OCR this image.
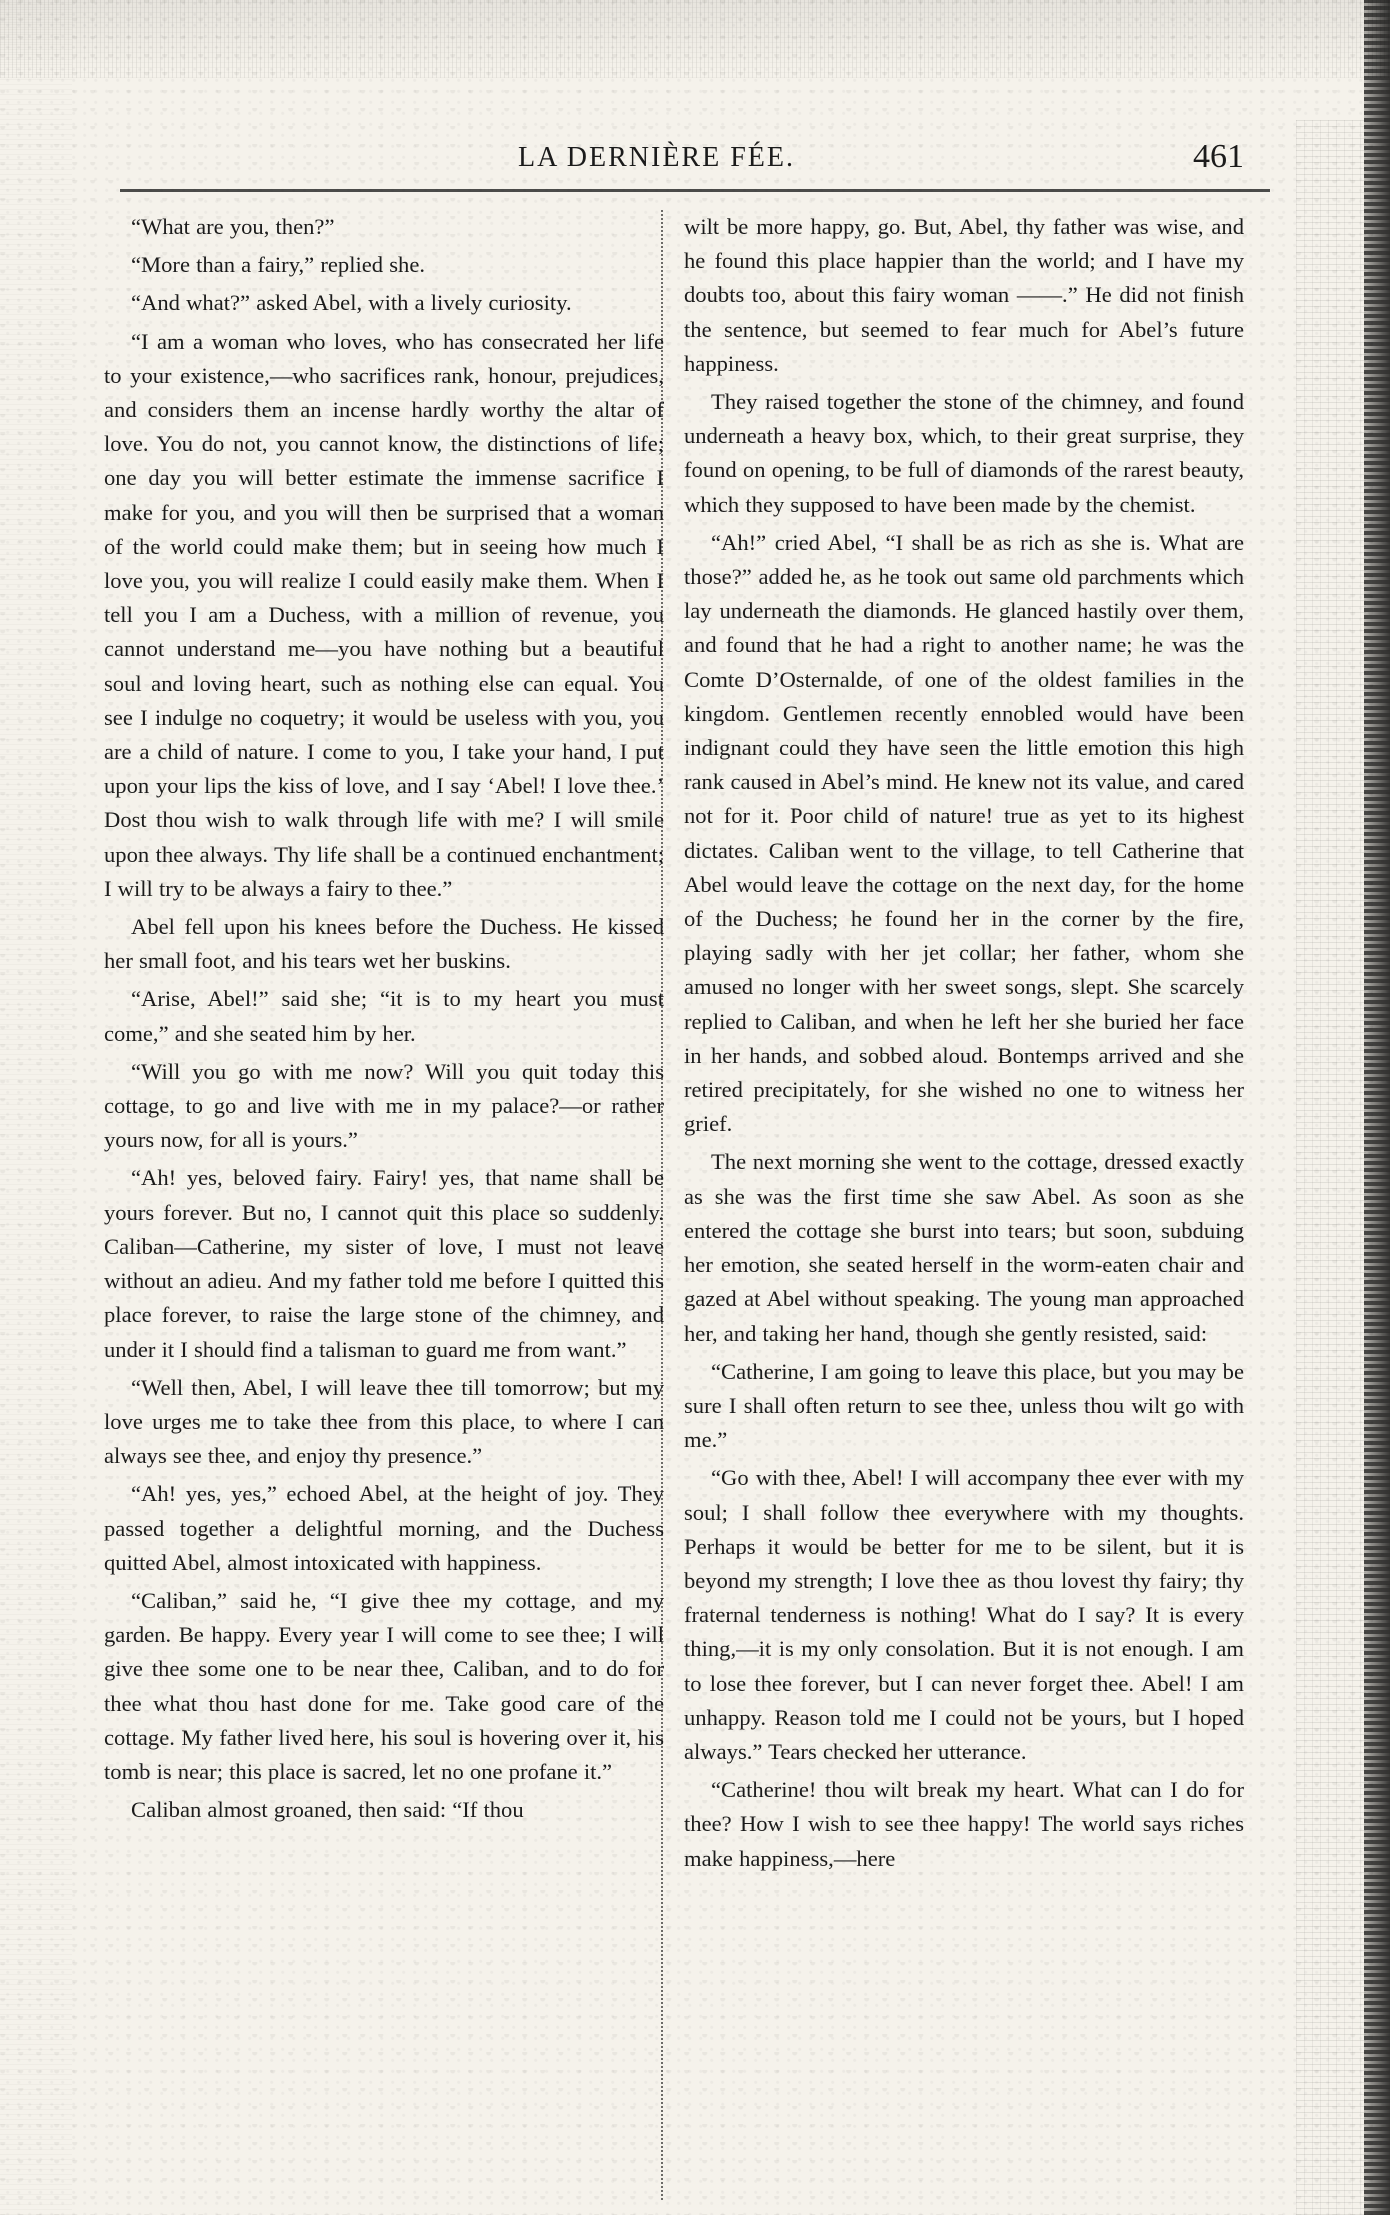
LA DERNIÈRE FÉE.	461

“What are you, then?”

“More than a fairy,” replied she.

“And what?” asked Abel, with a lively curiosity.

“I am a woman who loves, who has consecrated her life to your existence,—who sacrifices rank, honour, prejudices, and considers them an incense hardly worthy the altar of love. You do not, you cannot know, the distinctions of life; one day you will better estimate the immense sacrifice I make for you, and you will then be surprised that a woman of the world could make them; but in seeing how much I love you, you will realize I could easily make them. When I tell you I am a Duchess, with a million of revenue, you cannot understand me—you have nothing but a beautiful soul and loving heart, such as nothing else can equal. You see I indulge no coquetry; it would be useless with you, you are a child of nature. I come to you, I take your hand, I put upon your lips the kiss of love, and I say ‘Abel! I love thee.’ Dost thou wish to walk through life with me? I will smile upon thee always. Thy life shall be a continued enchantment; I will try to be always a fairy to thee.”

Abel fell upon his knees before the Duchess. He kissed her small foot, and his tears wet her buskins.

“Arise, Abel!” said she; “it is to my heart you must come,” and she seated him by her.

“Will you go with me now? Will you quit today this cottage, to go and live with me in my palace?—or rather yours now, for all is yours.”

“Ah! yes, beloved fairy. Fairy! yes, that name shall be yours forever. But no, I cannot quit this place so suddenly. Caliban—Catherine, my sister of love, I must not leave without an adieu. And my father told me before I quitted this place forever, to raise the large stone of the chimney, and under it I should find a talisman to guard me from want.”

“Well then, Abel, I will leave thee till tomorrow; but my love urges me to take thee from this place, to where I can always see thee, and enjoy thy presence.”

“Ah! yes, yes,” echoed Abel, at the height of joy. They passed together a delightful morning, and the Duchess quitted Abel, almost intoxicated with happiness.

“Caliban,” said he, “I give thee my cottage, and my garden. Be happy. Every year I will come to see thee; I will give thee some one to be near thee, Caliban, and to do for thee what thou hast done for me. Take good care of the cottage. My father lived here, his soul is hovering over it, his tomb is near; this place is sacred, let no one profane it.”

Caliban almost groaned, then said: “If thou

wilt be more happy, go. But, Abel, thy father was wise, and he found this place happier than the world; and I have my doubts too, about this fairy woman ——.” He did not finish the sentence, but seemed to fear much for Abel’s future happiness.

They raised together the stone of the chimney, and found underneath a heavy box, which, to their great surprise, they found on opening, to be full of diamonds of the rarest beauty, which they supposed to have been made by the chemist.

“Ah!” cried Abel, “I shall be as rich as she is. What are those?” added he, as he took out same old parchments which lay underneath the diamonds. He glanced hastily over them, and found that he had a right to another name; he was the Comte D’Osternalde, of one of the oldest families in the kingdom. Gentlemen recently ennobled would have been indignant could they have seen the little emotion this high rank caused in Abel’s mind. He knew not its value, and cared not for it. Poor child of nature! true as yet to its highest dictates. Caliban went to the village, to tell Catherine that Abel would leave the cottage on the next day, for the home of the Duchess; he found her in the corner by the fire, playing sadly with her jet collar; her father, whom she amused no longer with her sweet songs, slept. She scarcely replied to Caliban, and when he left her she buried her face in her hands, and sobbed aloud. Bontemps arrived and she retired precipitately, for she wished no one to witness her grief.

The next morning she went to the cottage, dressed exactly as she was the first time she saw Abel. As soon as she entered the cottage she burst into tears; but soon, subduing her emotion, she seated herself in the worm-eaten chair and gazed at Abel without speaking. The young man approached her, and taking her hand, though she gently resisted, said:

“Catherine, I am going to leave this place, but you may be sure I shall often return to see thee, unless thou wilt go with me.”

“Go with thee, Abel! I will accompany thee ever with my soul; I shall follow thee everywhere with my thoughts. Perhaps it would be better for me to be silent, but it is beyond my strength; I love thee as thou lovest thy fairy; thy fraternal tenderness is nothing! What do I say? It is every thing,—it is my only consolation. But it is not enough. I am to lose thee forever, but I can never forget thee. Abel! I am unhappy. Reason told me I could not be yours, but I hoped always.” Tears checked her utterance.

“Catherine! thou wilt break my heart. What can I do for thee? How I wish to see thee happy! The world says riches make happiness,—here
